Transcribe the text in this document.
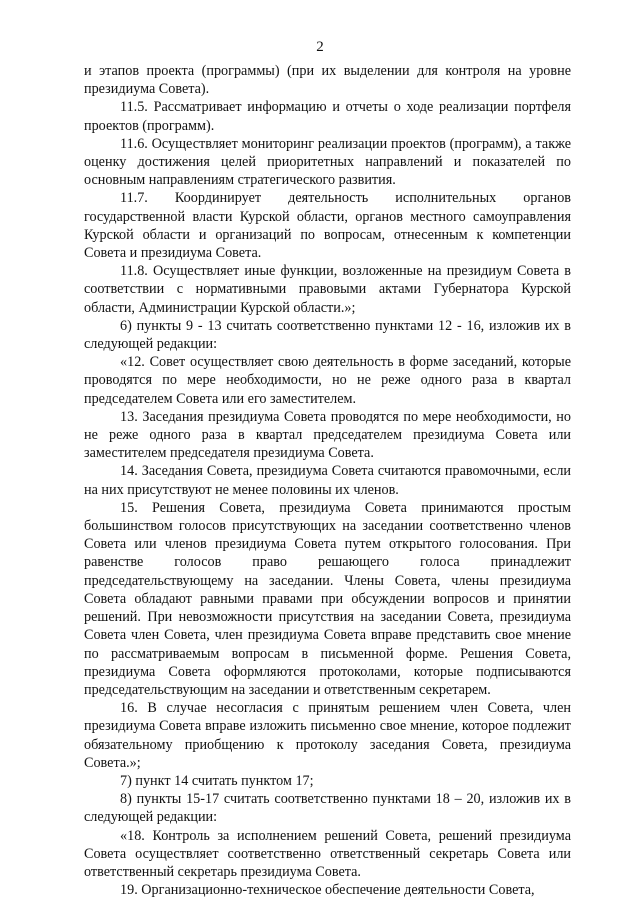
2

и этапов проекта (программы) (при их выделении для контроля на уровне президиума Совета).

11.5. Рассматривает информацию и отчеты о ходе реализации портфеля проектов (программ).

11.6. Осуществляет мониторинг реализации проектов (программ), а также оценку достижения целей приоритетных направлений и показателей по основным направлениям стратегического развития.

11.7. Координирует деятельность исполнительных органов государственной власти Курской области, органов местного самоуправления Курской области и организаций по вопросам, отнесенным к компетенции Совета и президиума Совета.

11.8. Осуществляет иные функции, возложенные на президиум Совета в соответствии с нормативными правовыми актами Губернатора Курской области, Администрации Курской области.»;

6) пункты 9 - 13 считать соответственно пунктами 12 - 16, изложив их в следующей редакции:

«12. Совет осуществляет свою деятельность в форме заседаний, которые проводятся по мере необходимости, но не реже одного раза в квартал председателем Совета или его заместителем.

13. Заседания президиума Совета проводятся по мере необходимости, но не реже одного раза в квартал председателем президиума Совета или заместителем председателя президиума Совета.

14. Заседания Совета, президиума Совета считаются правомочными, если на них присутствуют не менее половины их членов.

15. Решения Совета, президиума Совета принимаются простым большинством голосов присутствующих на заседании соответственно членов Совета или членов президиума Совета путем открытого голосования. При равенстве голосов право решающего голоса принадлежит председательствующему на заседании. Члены Совета, члены президиума Совета обладают равными правами при обсуждении вопросов и принятии решений. При невозможности присутствия на заседании Совета, президиума Совета член Совета, член президиума Совета вправе представить свое мнение по рассматриваемым вопросам в письменной форме. Решения Совета, президиума Совета оформляются протоколами, которые подписываются председательствующим на заседании и ответственным секретарем.

16. В случае несогласия с принятым решением член Совета, член президиума Совета вправе изложить письменно свое мнение, которое подлежит обязательному приобщению к протоколу заседания Совета, президиума Совета.»;

7) пункт 14 считать пунктом 17;

8) пункты 15-17 считать соответственно пунктами 18 – 20, изложив их в следующей редакции:

«18. Контроль за исполнением решений Совета, решений президиума Совета осуществляет соответственно ответственный секретарь Совета или ответственный секретарь президиума Совета.

19. Организационно-техническое обеспечение деятельности Совета,
